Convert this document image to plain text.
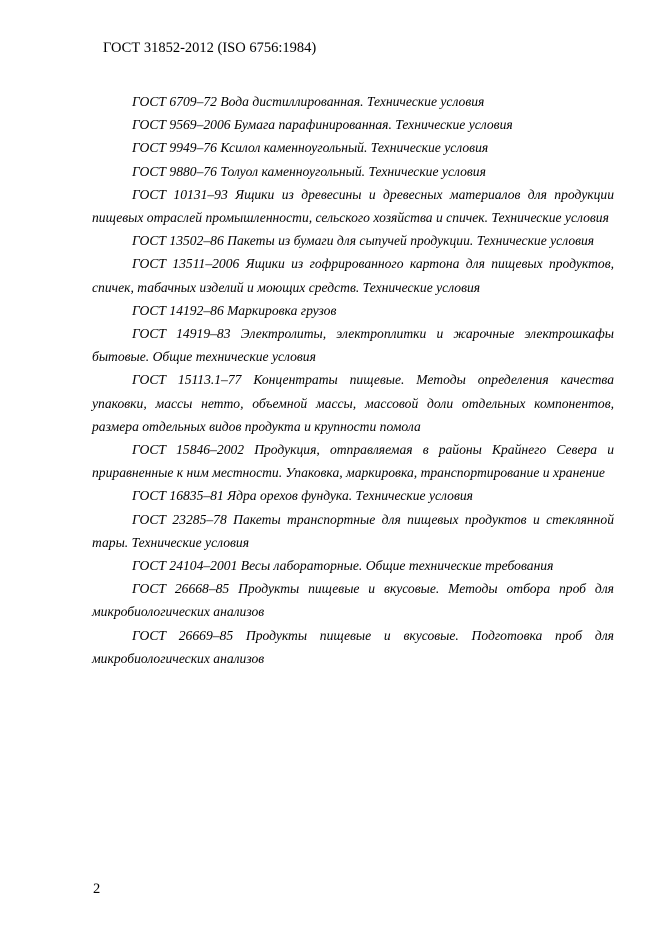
ГОСТ 31852-2012 (ISO 6756:1984)

ГОСТ 6709–72 Вода дистиллированная. Технические условия

ГОСТ 9569–2006 Бумага парафинированная. Технические условия

ГОСТ 9949–76 Ксилол каменноугольный. Технические условия

ГОСТ 9880–76 Толуол каменноугольный. Технические условия

ГОСТ 10131–93 Ящики из древесины и древесных материалов для продукции пищевых отраслей промышленности, сельского хозяйства и спичек. Технические условия

ГОСТ 13502–86 Пакеты из бумаги для сыпучей продукции. Технические условия

ГОСТ 13511–2006 Ящики из гофрированного картона для пищевых продуктов, спичек, табачных изделий и моющих средств. Технические условия

ГОСТ 14192–86 Маркировка грузов

ГОСТ 14919–83 Электролиты, электроплитки и жарочные электрошкафы бытовые. Общие технические условия

ГОСТ 15113.1–77 Концентраты пищевые. Методы определения качества упаковки, массы нетто, объемной массы, массовой доли отдельных компонентов, размера отдельных видов продукта и крупности помола

ГОСТ 15846–2002 Продукция, отправляемая в районы Крайнего Севера и приравненные к ним местности. Упаковка, маркировка, транспортирование и хранение

ГОСТ 16835–81 Ядра орехов фундука. Технические условия

ГОСТ 23285–78 Пакеты транспортные для пищевых продуктов и стеклянной тары. Технические условия

ГОСТ 24104–2001 Весы лабораторные. Общие технические требования

ГОСТ 26668–85 Продукты пищевые и вкусовые. Методы отбора проб для микробиологических анализов

ГОСТ 26669–85 Продукты пищевые и вкусовые. Подготовка проб для микробиологических анализов

2
